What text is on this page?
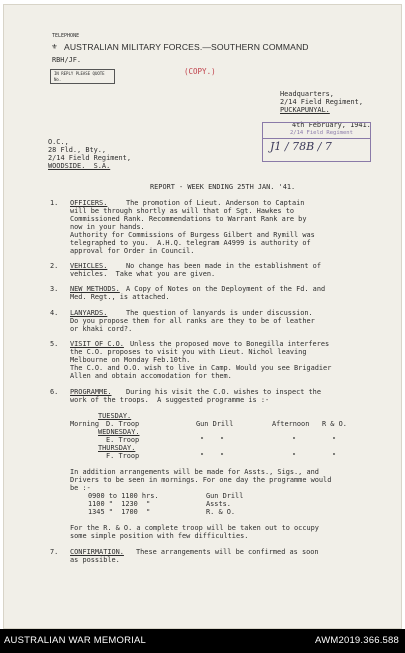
TELEPHONE
⚜ AUSTRALIAN MILITARY FORCES.—SOUTHERN COMMAND
RBH/JF.
IN REPLY PLEASE QUOTE
No.
(COPY.)
Headquarters,
2/14 Field Regiment,
PUCKAPUNYAL.
4th February, 1941.
2/14 Field Regiment
J1 / 78B / 7
O.C.,
28 Fld., Bty.,
2/14 Field Regiment,
WOODSIDE.  S.A.
REPORT - WEEK ENDING 25TH JAN. '41.
1. OFFICERS.	The promotion of Lieut. Anderson to Captain
will be through shortly as will that of Sgt. Hawkes to
Commissioned Rank. Recommendations to Warrant Rank are by
now in your hands.
Authority for Commissions of Burgess Gilbert and Rymill was
telegraphed to you.  A.H.Q. telegram A4999 is authority of
approval for Order in Council.
2. VEHICLES.	No change has been made in the establishment of
vehicles.  Take what you are given.
3. NEW METHODS. A Copy of Notes on the Deployment of the Fd. and
Med. Regt., is attached.
4. LANYARDS.	The question of lanyards is under discussion.
Do you propose them for all ranks are they to be of leather
or khaki cord?.
5. VISIT OF C.O. Unless the proposed move to Bonegilla interferes
the C.O. proposes to visit you with Lieut. Nichol leaving
Melbourne on Monday Feb.10th.
The C.O. and O.O. wish to live in Camp. Would you see Brigadier
Allen and obtain accomodation for them.
6. PROGRAMME. During his visit the C.O. wishes to inspect the
work of the troops.  A suggested programme is :-
TUESDAY.
Morning D. Troop	Gun Drill	Afternoon R & O.
WEDNESDAY.
E. Troop	" "	"	"
THURSDAY.
F. Troop	" "	"	"
In addition arrangements will be made for Assts., Sigs., and
Drivers to be seen in mornings. For one day the programme would
be :-
0900 to 1100 hrs.	Gun Drill
1100 "  1230  "	Assts.
1345 "  1700  "	R. & O.
For the R. & O. a complete troop will be taken out to occupy
some simple position with few difficulties.
7. CONFIRMATION. These arrangements will be confirmed as soon
as possible.
AUSTRALIAN WAR MEMORIAL	AWM2019.366.588
